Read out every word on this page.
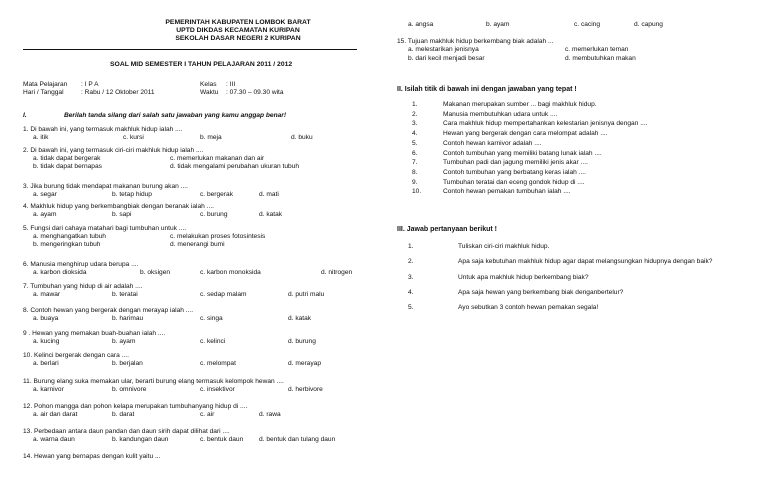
PEMERINTAH KABUPATEN LOMBOK BARAT
UPTD DIKDAS KECAMATAN KURIPAN
SEKOLAH DASAR NEGERI 2 KURIPAN
SOAL MID SEMESTER I TAHUN PELAJARAN 2011 / 2012
Mata Pelajaran : I P A
Hari / Tanggal	: Rabu / 12 Oktober 2011
Kelas : III
Waktu : 07.30 – 09.30 wita
I.	Berilah tanda silang dari salah satu jawaban yang kamu anggap benar!
1. Di bawah ini, yang termasuk makhluk hidup ialah ....
a. itik	c. kursi	b. meja	d. buku
2. Di bawah ini, yang termasuk ciri-ciri makhluk hidup ialah ....
a. tidak dapat bergerak	c. memerlukan makanan dan air
b. tidak dapat bernapas	d. tidak mengalami perubahan ukuran tubuh
3. Jika burung tidak mendapat makanan burung akan ....
a. segar	b. tetap hidup	c. bergerak	d. mati
4. Makhluk hidup yang berkembangbiak dengan beranak ialah ....
a. ayam	b. sapi	c. burung	d. katak
5. Fungsi dari cahaya matahari bagi tumbuhan untuk ....
a. menghangatkan tubuh	c. melakukan proses fotosintesis
b. mengeringkan tubuh	d. menerangi bumi
6. Manusia menghirup udara berupa ....
a. karbon dioksida	b. oksigen	c. karbon monoksida	d. nitrogen
7. Tumbuhan yang hidup di air adalah ....
a. mawar	b. teratai	c. sedap malam	d. putri malu
8. Contoh hewan yang bergerak dengan merayap ialah ....
a. buaya	b. harimau	c. singa	d. katak
9 . Hewan yang memakan buah-buahan ialah ....
a. kucing	b. ayam	c. kelinci	d. burung
10. Kelinci bergerak dengan cara ....
a. berlari	b. berjalan	c. melompat	d. merayap
11. Burung elang suka memakan ular, berarti burung elang termasuk kelompok hewan ....
a. karnivor	b. omnivore	c. insektivor	d. herbivore
12. Pohon mangga dan pohon kelapa merupakan tumbuhanyang hidup di ....
a. air dan darat	b. darat	c. air	d. rawa
13. Perbedaan antara daun pandan dan daun sirih dapat dilihat dari ....
a. warna daun	b. kandungan daun	c. bentuk daun d. bentuk dan tulang daun
14. Hewan yang bernapas dengan kulit yaitu ...
a. angsa	b. ayam	c. cacing	d. capung
15. Tujuan makhluk hidup berkembang biak adalah ...
a. melestarikan jenisnya	c. memerlukan teman
b. dari kecil menjadi besar	d. membutuhkan makan
II. Isilah titik di bawah ini dengan jawaban yang tepat !
1.	Makanan merupakan sumber ... bagi makhluk hidup.
2.	Manusia membutuhkan udara untuk ....
3.	Cara makhluk hidup mempertahankan kelestarian jenisnya dengan ....
4.	Hewan yang bergerak dengan cara melompat adalah ....
5.	Contoh hewan karnivor adalah ....
6.	Contoh tumbuhan yang memiliki batang lunak ialah ....
7.	Tumbuhan padi dan jagung memiliki jenis akar ....
8.	Contoh tumbuhan yang berbatang keras ialah ....
9.	Tumbuhan teratai dan eceng gondok hidup di ....
10.	Contoh hewan pemakan tumbuhan ialah ....
III. Jawab pertanyaan berikut !
1.	Tuliskan ciri-ciri makhluk hidup.
2.	Apa saja kebutuhan makhluk hidup agar dapat melangsungkan hidupnya dengan baik?
3.	Untuk apa makhluk hidup berkembang biak?
4.	Apa saja hewan yang berkembang biak denganbertelur?
5.	Ayo sebutkan 3 contoh hewan pemakan segala!
